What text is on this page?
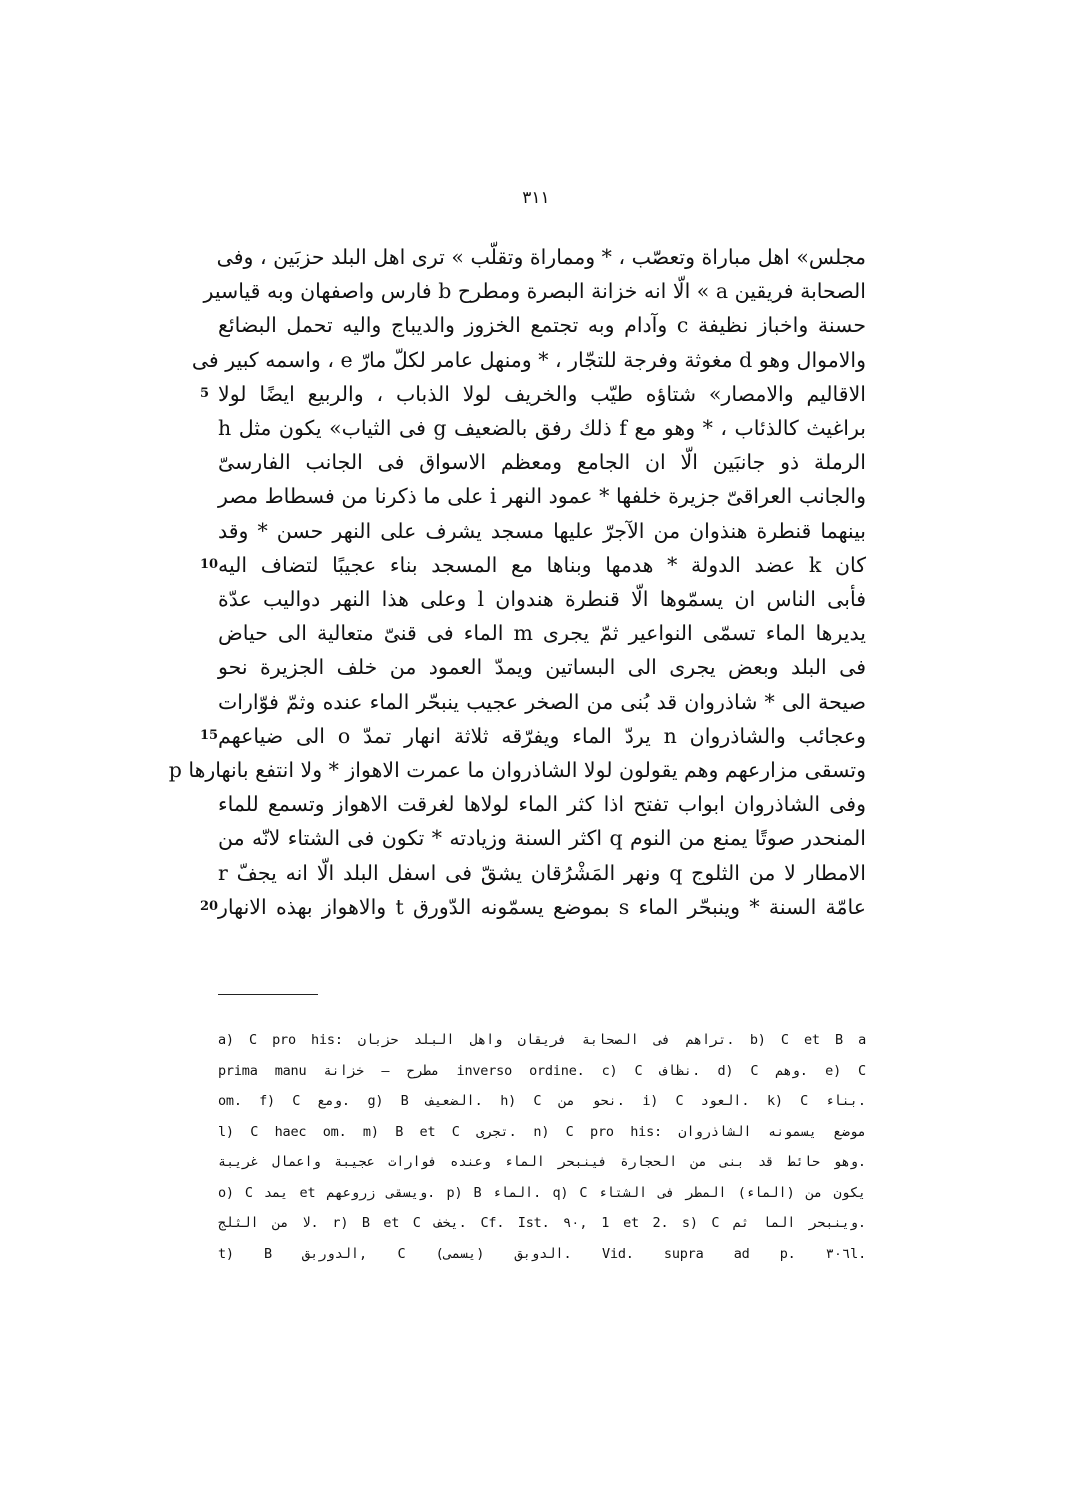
٣١١
مجلس» اهل مباراة وتعصّب ، * ومماراة وتقلّب » ترى اهل البلد حزبَين ، وفى
الصحابة فريقين a » الّا انه خزانة البصرة ومطرح b فارس واصفهان وبه قياسير
حسنة واخباز نظيفة c وآدام وبه تجتمع الخزوز والديباج واليه تحمل البضائع
والاموال وهو d مغوثة وفرجة للتجّار ، * ومنهل عامر لكلّ مارّ e ، واسمه كبير فى
الاقاليم والامصار» شتاؤه طيّب والخريف لولا الذباب ، والربيع ايضًا لولا
5
براغيث كالذئاب ، * وهو مع f ذلك رفق بالضعيف g فى الثياب» يكون مثل h
الرملة ذو جانبَين الّا ان الجامع ومعظم الاسواق فى الجانب الفارسىّ
والجانب العراقىّ جزيرة خلفها * عمود النهر i على ما ذكرنا من فسطاط مصر
بينهما قنطرة هنذوان من الآجرّ عليها مسجد يشرف على النهر حسن * وقد
كان k عضد الدولة * هدمها وبناها مع المسجد بناء عجيبًا لتضاف اليه
10
فأبى الناس ان يسمّوها الّا قنطرة هندوان l وعلى هذا النهر دواليب عدّة
يديرها الماء تسمّى النواعير ثمّ يجرى m الماء فى قنىّ متعالية الى حياض
فى البلد وبعض يجرى الى البساتين ويمدّ العمود من خلف الجزيرة نحو
صيحة الى * شاذروان قد بُنى من الصخر عجيب ينبحّر الماء عنده وثمّ فوّارات
وعجائب والشاذروان n يردّ الماء ويفرّقه ثلاثة انهار تمدّ o الى ضياعهم
15
وتسقى مزارعهم وهم يقولون لولا الشاذروان ما عمرت الاهواز * ولا انتفع بانهارها p
وفى الشاذروان ابواب تفتح اذا كثر الماء لولاها لغرقت الاهواز وتسمع للماء
المنحدر صوتًا يمنع من النوم q اكثر السنة وزيادته * تكون فى الشتاء لانّه من
الامطار لا من الثلوج q ونهر المَشْرُقان يشقّ فى اسفل البلد الّا انه يجفّ r
عامّة السنة * وينبحّر الماء s بموضع يسمّونه الدّورق t والاهواز بهذه الانهار
20
a) C pro his: تراهم فى الصحابة فريقان واهل البلد حزبان. b) C et B a
prima manu مطرح — خزانة inverso ordine. c) C نظاف. d) C وهم. e) C
om. f) C ومع. g) B الضعيف. h) C نحو من. i) C العود. k) C بناء.
l) C haec om. m) B et C تجرى. n) C pro his: موضع يسمونه الشاذروان
وهو حائط قد بنى من الحجارة فينبحر الماء وعنده فوارات عجيبة واعمال غريبة.
o) C يمد et ويسقى زروعهم. p) B الماء. q) C يكون من (الماء) المطر فى الشتاء
لا من الثلج. r) B et C يخف. Cf. Ist. ٩٠, 1 et 2. s) C وينبحر الما ثم.
t) B الدوربق, C الدوبق (يسمى). Vid. supra ad p. ٣٠٦l.
